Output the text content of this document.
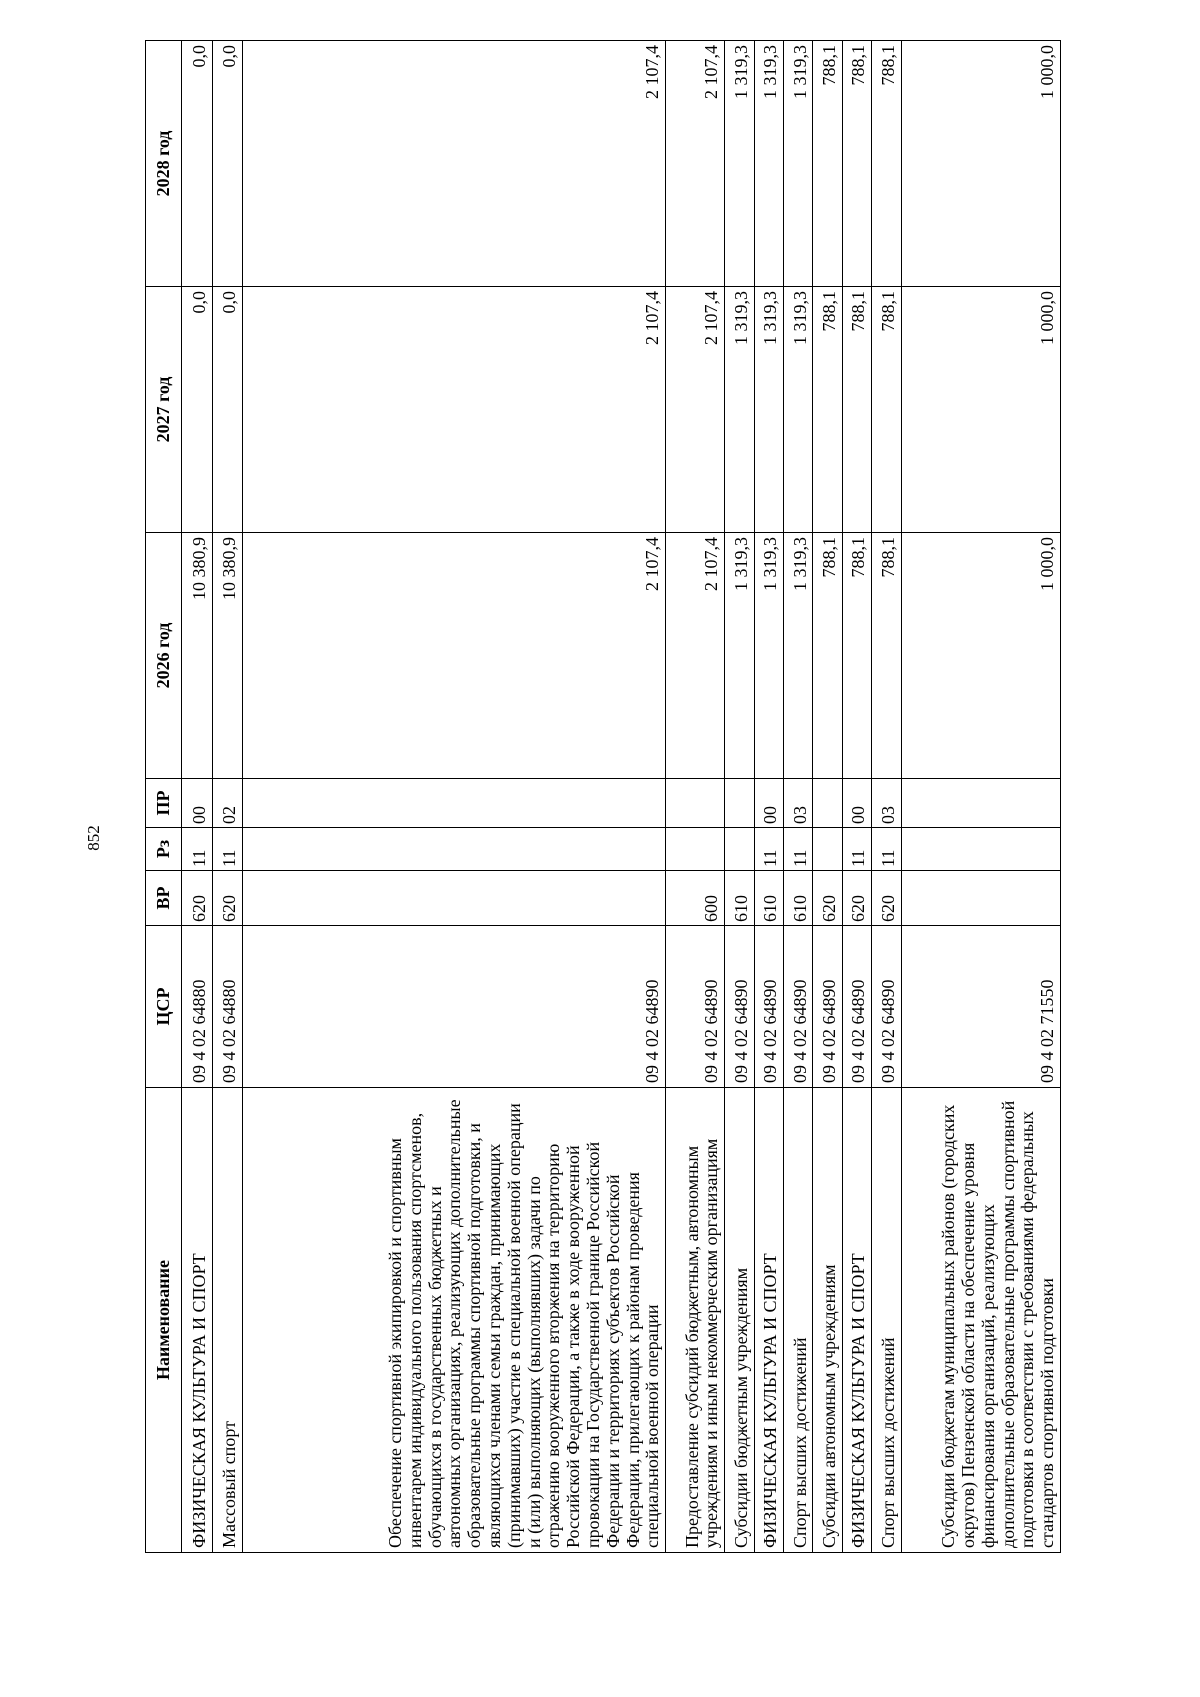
852
Наименование	ЦСР	ВР	Рз	ПР	2026 год	2027 год	2028 год
ФИЗИЧЕСКАЯ КУЛЬТУРА И СПОРТ	09 4 02 64880	620	11	00	10 380,9	0,0	0,0
Массовый спорт	09 4 02 64880	620	11	02	10 380,9	0,0	0,0
Обеспечение спортивной экипировкой и спортивным инвентарем индивидуального пользования спортсменов, обучающихся в государственных бюджетных и автономных организациях, реализующих дополнительные образовательные программы спортивной подготовки, и являющихся членами семьи граждан, принимающих (принимавших) участие в специальной военной операции и (или) выполняющих (выполнявших) задачи по отражению вооруженного вторжения на территорию Российской Федерации, а также в ходе вооруженной провокации на Государственной границе Российской Федерации и территориях субъектов Российской Федерации, прилегающих к районам проведения специальной военной операции	09 4 02 64890				2 107,4	2 107,4	2 107,4
Предоставление субсидий бюджетным, автономным учреждениям и иным некоммерческим организациям	09 4 02 64890	600			2 107,4	2 107,4	2 107,4
Субсидии бюджетным учреждениям	09 4 02 64890	610			1 319,3	1 319,3	1 319,3
ФИЗИЧЕСКАЯ КУЛЬТУРА И СПОРТ	09 4 02 64890	610	11	00	1 319,3	1 319,3	1 319,3
Спорт высших достижений	09 4 02 64890	610	11	03	1 319,3	1 319,3	1 319,3
Субсидии автономным учреждениям	09 4 02 64890	620			788,1	788,1	788,1
ФИЗИЧЕСКАЯ КУЛЬТУРА И СПОРТ	09 4 02 64890	620	11	00	788,1	788,1	788,1
Спорт высших достижений	09 4 02 64890	620	11	03	788,1	788,1	788,1
Субсидии бюджетам муниципальных районов (городских округов) Пензенской области на обеспечение уровня финансирования организаций, реализующих дополнительные образовательные программы спортивной подготовки в соответствии с требованиями федеральных стандартов спортивной подготовки	09 4 02 71550				1 000,0	1 000,0	1 000,0
